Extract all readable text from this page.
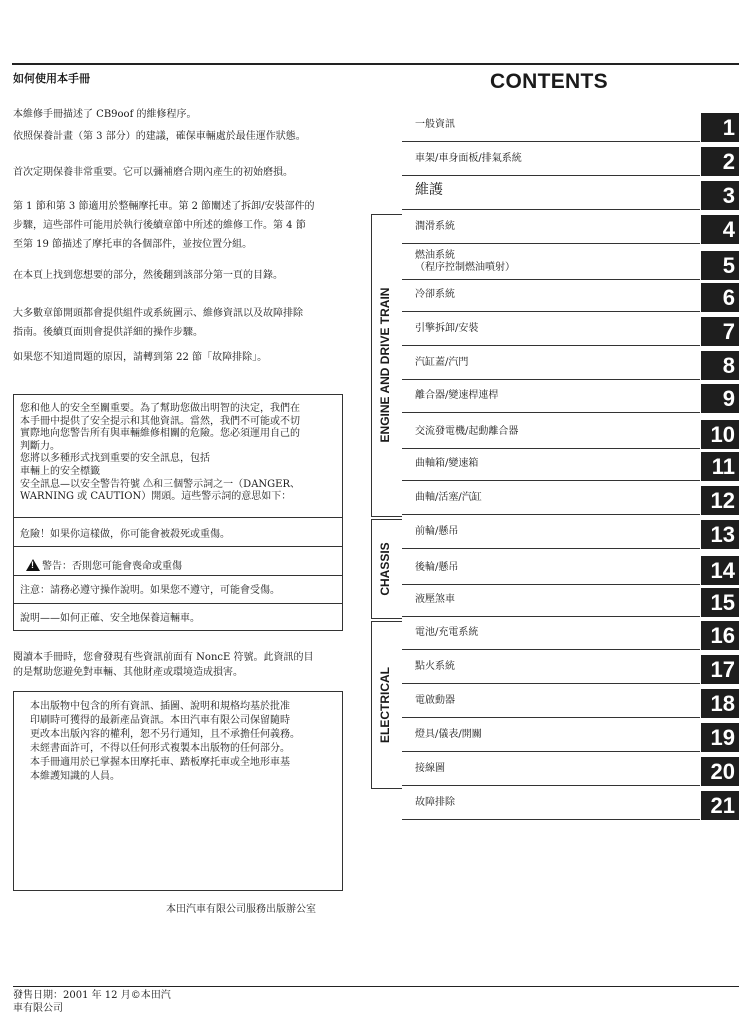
如何使用本手冊
本維修手冊描述了 CB9oof 的維修程序。
依照保養計畫（第 3 部分）的建議，確保車輛處於最佳運作狀態。
首次定期保養非常重要。它可以彌補磨合期內產生的初始磨損。
第 1 節和第 3 節適用於整輛摩托車。第 2 節闡述了拆卸/安裝部件的
步驟，這些部件可能用於執行後續章節中所述的維修工作。第 4 節
至第 19 節描述了摩托車的各個部件，並按位置分組。
在本頁上找到您想要的部分，然後翻到該部分第一頁的目錄。
大多數章節開頭都會提供組件或系統圖示、維修資訊以及故障排除
指南。後續頁面則會提供詳細的操作步驟。
如果您不知道問題的原因，請轉到第 22 節「故障排除」。
您和他人的安全至關重要。為了幫助您做出明智的決定，我們在
本手冊中提供了安全提示和其他資訊。當然，我們不可能或不切
實際地向您警告所有與車輛維修相關的危險。您必須運用自己的
判斷力。
您將以多種形式找到重要的安全訊息，包括
車輛上的安全標籤
安全訊息—以安全警告符號 ⚠和三個警示詞之一（DANGER、
WARNING 或 CAUTION）開頭。這些警示詞的意思如下：
危險！如果你這樣做，你可能會被殺死或重傷。
!警告：否則您可能會喪命或重傷
注意：請務必遵守操作說明。如果您不遵守，可能會受傷。
說明——如何正確、安全地保養這輛車。
閱讀本手冊時，您會發現有些資訊前面有 NoncE 符號。此資訊的目
的是幫助您避免對車輛、其他財產或環境造成損害。
本出版物中包含的所有資訊、插圖、說明和規格均基於批准
印刷時可獲得的最新產品資訊。本田汽車有限公司保留隨時
更改本出版內容的權利，恕不另行通知，且不承擔任何義務。
未經書面許可，不得以任何形式複製本出版物的任何部分。
本手冊適用於已掌握本田摩托車、踏板摩托車或全地形車基
本維護知識的人員。
本田汽車有限公司服務出版辦公室
發售日期：2001 年 12 月©本田汽
車有限公司
CONTENTS
ENGINE AND DRIVE TRAIN
CHASSIS
ELECTRICAL
一般資訊	1
車架/車身面板/排氣系統	2
維護	3
潤滑系統	4
燃油系統
（程序控制燃油噴射）	5
冷卻系統	6
引擎拆卸/安裝	7
汽缸蓋/汽門	8
離合器/變速桿連桿	9
交流發電機/起動離合器	10
曲軸箱/變速箱	11
曲軸/活塞/汽缸	12
前輪/懸吊	13
後輪/懸吊	14
液壓煞車	15
電池/充電系統	16
點火系統	17
電啟動器	18
燈具/儀表/開關	19
接線圖	20
故障排除	21
